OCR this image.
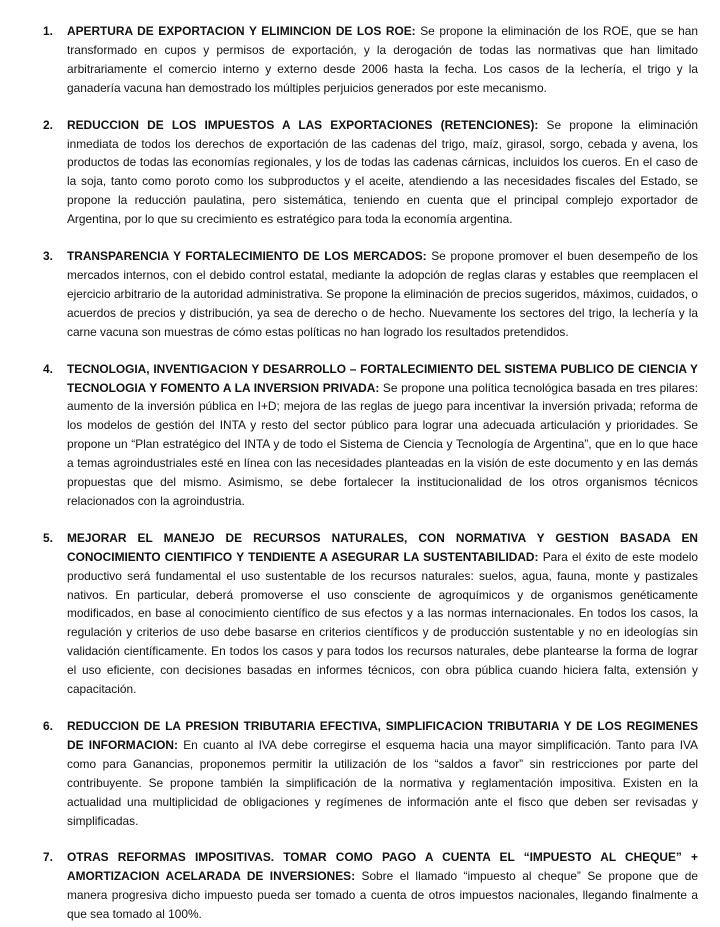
1. APERTURA DE EXPORTACION Y ELIMINCION DE LOS ROE: Se propone la eliminación de los ROE, que se han transformado en cupos y permisos de exportación, y la derogación de todas las normativas que han limitado arbitrariamente el comercio interno y externo desde 2006 hasta la fecha. Los casos de la lechería, el trigo y la ganadería vacuna han demostrado los múltiples perjuicios generados por este mecanismo.
2. REDUCCION DE LOS IMPUESTOS A LAS EXPORTACIONES (RETENCIONES): Se propone la eliminación inmediata de todos los derechos de exportación de las cadenas del trigo, maíz, girasol, sorgo, cebada y avena, los productos de todas las economías regionales, y los de todas las cadenas cárnicas, incluidos los cueros. En el caso de la soja, tanto como poroto como los subproductos y el aceite, atendiendo a las necesidades fiscales del Estado, se propone la reducción paulatina, pero sistemática, teniendo en cuenta que el principal complejo exportador de Argentina, por lo que su crecimiento es estratégico para toda la economía argentina.
3. TRANSPARENCIA Y FORTALECIMIENTO DE LOS MERCADOS: Se propone promover el buen desempeño de los mercados internos, con el debido control estatal, mediante la adopción de reglas claras y estables que reemplacen el ejercicio arbitrario de la autoridad administrativa. Se propone la eliminación de precios sugeridos, máximos, cuidados, o acuerdos de precios y distribución, ya sea de derecho o de hecho. Nuevamente los sectores del trigo, la lechería y la carne vacuna son muestras de cómo estas políticas no han logrado los resultados pretendidos.
4. TECNOLOGIA, INVENTIGACION Y DESARROLLO – FORTALECIMIENTO DEL SISTEMA PUBLICO DE CIENCIA Y TECNOLOGIA Y FOMENTO A LA INVERSION PRIVADA: Se propone una política tecnológica basada en tres pilares: aumento de la inversión pública en I+D; mejora de las reglas de juego para incentivar la inversión privada; reforma de los modelos de gestión del INTA y resto del sector público para lograr una adecuada articulación y prioridades. Se propone un “Plan estratégico del INTA y de todo el Sistema de Ciencia y Tecnología de Argentina”, que en lo que hace a temas agroindustriales esté en línea con las necesidades planteadas en la visión de este documento y en las demás propuestas que del mismo. Asimismo, se debe fortalecer la institucionalidad de los otros organismos técnicos relacionados con la agroindustria.
5. MEJORAR EL MANEJO DE RECURSOS NATURALES, CON NORMATIVA Y GESTION BASADA EN CONOCIMIENTO CIENTIFICO Y TENDIENTE A ASEGURAR LA SUSTENTABILIDAD: Para el éxito de este modelo productivo será fundamental el uso sustentable de los recursos naturales: suelos, agua, fauna, monte y pastizales nativos. En particular, deberá promoverse el uso consciente de agroquímicos y de organismos genéticamente modificados, en base al conocimiento científico de sus efectos y a las normas internacionales. En todos los casos, la regulación y criterios de uso debe basarse en criterios científicos y de producción sustentable y no en ideologías sin validación científicamente. En todos los casos y para todos los recursos naturales, debe plantearse la forma de lograr el uso eficiente, con decisiones basadas en informes técnicos, con obra pública cuando hiciera falta, extensión y capacitación.
6. REDUCCION DE LA PRESION TRIBUTARIA EFECTIVA, SIMPLIFICACION TRIBUTARIA Y DE LOS REGIMENES DE INFORMACION: En cuanto al IVA debe corregirse el esquema hacia una mayor simplificación. Tanto para IVA como para Ganancias, proponemos permitir la utilización de los “saldos a favor” sin restricciones por parte del contribuyente. Se propone también la simplificación de la normativa y reglamentación impositiva. Existen en la actualidad una multiplicidad de obligaciones y regímenes de información ante el fisco que deben ser revisadas y simplificadas.
7. OTRAS REFORMAS IMPOSITIVAS. TOMAR COMO PAGO A CUENTA EL “IMPUESTO AL CHEQUE” + AMORTIZACION ACELARADA DE INVERSIONES: Sobre el llamado “impuesto al cheque” Se propone que de manera progresiva dicho impuesto pueda ser tomado a cuenta de otros impuestos nacionales, llegando finalmente a que sea tomado al 100%.
